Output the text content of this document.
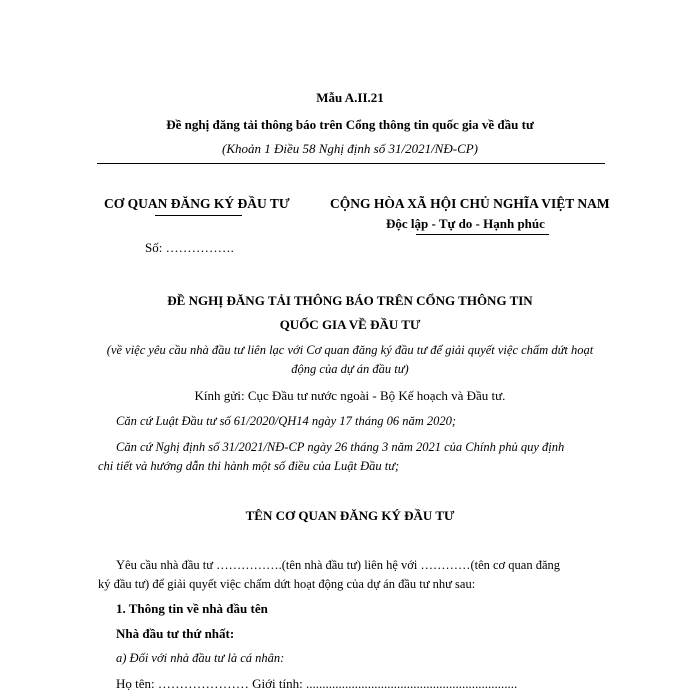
Mẫu A.II.21
Đề nghị đăng tải thông báo trên Cổng thông tin quốc gia về đầu tư
(Khoản 1 Điều 58 Nghị định số 31/2021/NĐ-CP)
CƠ QUAN ĐĂNG KÝ ĐẦU TƯ
Số: …………….
CỘNG HÒA XÃ HỘI CHỦ NGHĨA VIỆT NAM
Độc lập - Tự do - Hạnh phúc
ĐỀ NGHỊ ĐĂNG TẢI THÔNG BÁO TRÊN CỔNG THÔNG TIN
QUỐC GIA VỀ ĐẦU TƯ
(về việc yêu cầu nhà đầu tư liên lạc với Cơ quan đăng ký đầu tư để giải quyết việc chấm dứt hoạt
động của dự án đầu tư)
Kính gửi: Cục Đầu tư nước ngoài - Bộ Kế hoạch và Đầu tư.
Căn cứ Luật Đầu tư số 61/2020/QH14 ngày 17 tháng 06 năm 2020;
Căn cứ Nghị định số 31/2021/NĐ-CP ngày 26 tháng 3 năm 2021 của Chính phủ quy định
chi tiết và hướng dẫn thi hành một số điều của Luật Đầu tư;
TÊN CƠ QUAN ĐĂNG KÝ ĐẦU TƯ
Yêu cầu nhà đầu tư …………….(tên nhà đầu tư) liên hệ với …………(tên cơ quan đăng
ký đầu tư) để giải quyết việc chấm dứt hoạt động của dự án đầu tư như sau:
1. Thông tin về nhà đầu tên
Nhà đầu tư thứ nhất:
a) Đối với nhà đầu tư là cá nhân:
Họ tên: ………………… Giới tính: .................................................................
